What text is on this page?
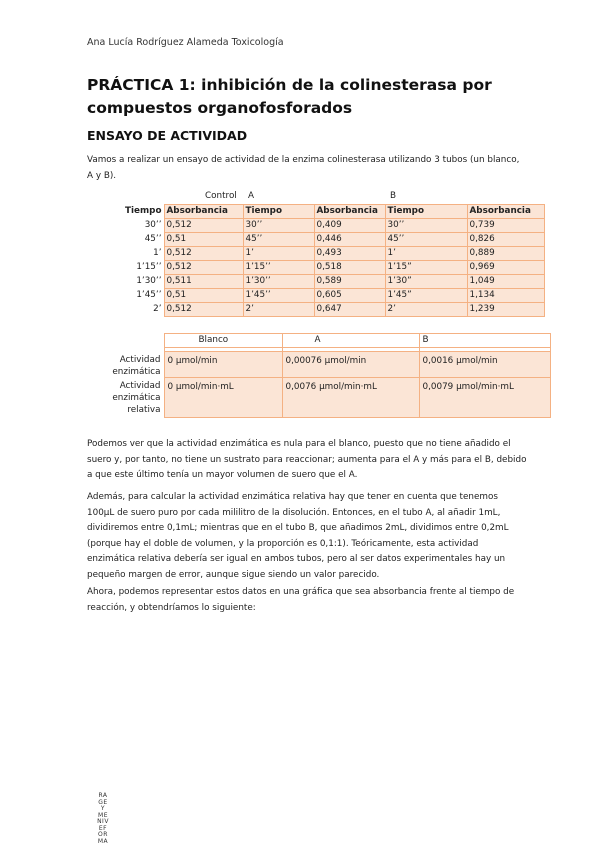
Ana Lucía Rodríguez Alameda Toxicología
PRÁCTICA 1: inhibición de la colinesterasa por compuestos organofosforados
ENSAYO DE ACTIVIDAD

Vamos a realizar un ensayo de actividad de la enzima colinesterasa utilizando 3 tubos (un blanco, A y B).

Control A	B
Tiempo	Absorbancia	Tiempo	Absorbancia	Tiempo	Absorbancia
30’’	0,512	30’’	0,409	30’’	0,739
45’’	0,51	45’’	0,446	45’’	0,826
1’	0,512	1’	0,493	1’	0,889
1’15’’	0,512	1’15’’	0,518	1’15”	0,969
1’30’’	0,511	1’30’’	0,589	1’30”	1,049
1’45’’	0,51	1’45’’	0,605	1’45”	1,134
2’	0,512	2’	0,647	2’	1,239
	Blanco	A	B

Actividad enzimática	0 µmol/min	0,00076 µmol/min	0,0016 µmol/min
Actividad enzimática relativa	0 µmol/min·mL	0,0076 µmol/min·mL	0,0079 µmol/min·mL

Podemos ver que la actividad enzimática es nula para el blanco, puesto que no tiene añadido el suero y, por tanto, no tiene un sustrato para reaccionar; aumenta para el A y más para el B, debido a que este último tenía un mayor volumen de suero que el A.

Además, para calcular la actividad enzimática relativa hay que tener en cuenta que tenemos 100µL de suero puro por cada mililitro de la disolución. Entonces, en el tubo A, al añadir 1mL, dividiremos entre 0,1mL; mientras que en el tubo B, que añadimos 2mL, dividimos entre 0,2mL (porque hay el doble de volumen, y la proporción es 0,1:1). Teóricamente, esta actividad enzimática relativa debería ser igual en ambos tubos, pero al ser datos experimentales hay un pequeño margen de error, aunque sigue siendo un valor parecido.

Ahora, podemos representar estos datos en una gráfica que sea absorbancia frente al tiempo de reacción, y obtendríamos lo siguiente:

RA
GE
Y
ME
NIV
EF
OR
MA
